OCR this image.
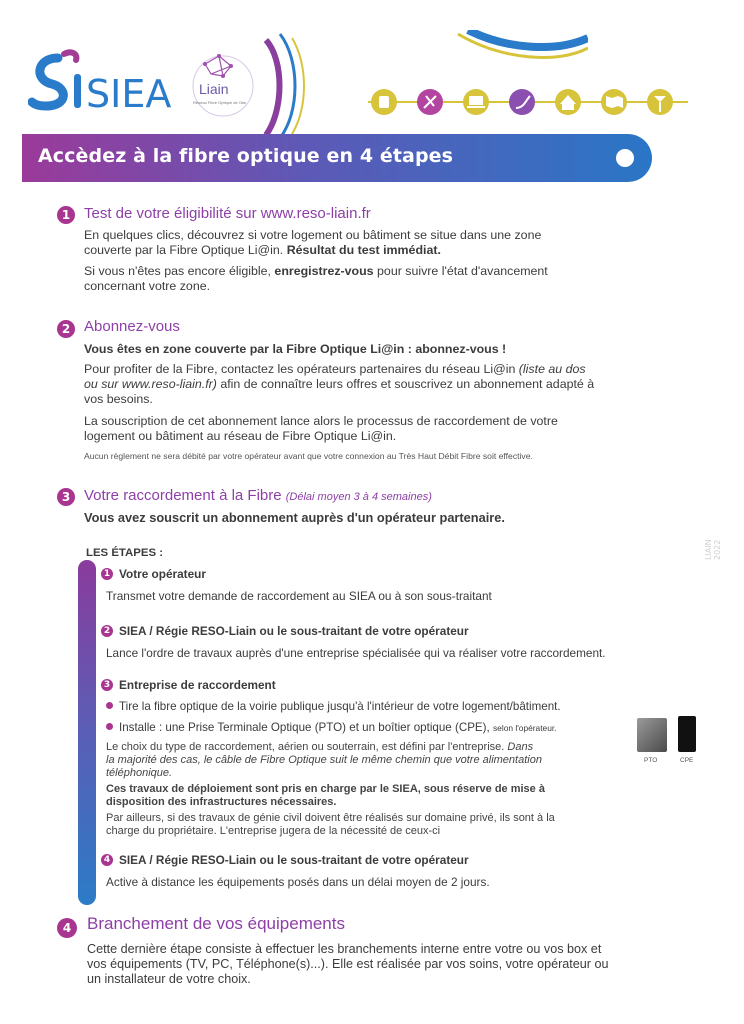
SIEA Liain
Réseau Fibre Optique de l'Ain
Accèdez à la fibre optique en 4 étapes
1 Test de votre éligibilité sur www.reso-liain.fr
En quelques clics, découvrez si votre logement ou bâtiment se situe dans une zone
couverte par la Fibre Optique Li@in. Résultat du test immédiat.
Si vous n'êtes pas encore éligible, enregistrez-vous pour suivre l'état d'avancement
concernant votre zone.
2 Abonnez-vous
Vous êtes en zone couverte par la Fibre Optique Li@in : abonnez-vous !
Pour profiter de la Fibre, contactez les opérateurs partenaires du réseau Li@in (liste au dos
ou sur www.reso-liain.fr) afin de connaître leurs offres et souscrivez un abonnement adapté à
vos besoins.
La souscription de cet abonnement lance alors le processus de raccordement de votre
logement ou bâtiment au réseau de Fibre Optique Li@in.
Aucun règlement ne sera débité par votre opérateur avant que votre connexion au Très Haut Débit Fibre soit effective.
3 Votre raccordement à la Fibre (Délai moyen 3 à 4 semaines)
Vous avez souscrit un abonnement auprès d'un opérateur partenaire.
LES ÉTAPES :
1 Votre opérateur
Transmet votre demande de raccordement au SIEA ou à son sous-traitant
2 SIEA / Régie RESO-Liain ou le sous-traitant de votre opérateur
Lance l'ordre de travaux auprès d'une entreprise spécialisée qui va réaliser votre raccordement.
3 Entreprise de raccordement
Tire la fibre optique de la voirie publique jusqu'à l'intérieur de votre logement/bâtiment.
Installe : une Prise Terminale Optique (PTO) et un boîtier optique (CPE), selon l'opérateur.
Le choix du type de raccordement, aérien ou souterrain, est défini par l'entreprise. Dans
la majorité des cas, le câble de Fibre Optique suit le même chemin que votre alimentation
téléphonique.
Ces travaux de déploiement sont pris en charge par le SIEA, sous réserve de mise à
disposition des infrastructures nécessaires.
Par ailleurs, si des travaux de génie civil doivent être réalisés sur domaine privé, ils sont à la
charge du propriétaire. L'entreprise jugera de la nécessité de ceux-ci
PTO	CPE
4 SIEA / Régie RESO-Liain ou le sous-traitant de votre opérateur
Active à distance les équipements posés dans un délai moyen de 2 jours.
4 Branchement de vos équipements
Cette dernière étape consiste à effectuer les branchements interne entre votre ou vos box et
vos équipements (TV, PC, Téléphone(s)...). Elle est réalisée par vos soins, votre opérateur ou
un installateur de votre choix.
LIAIN 2022
